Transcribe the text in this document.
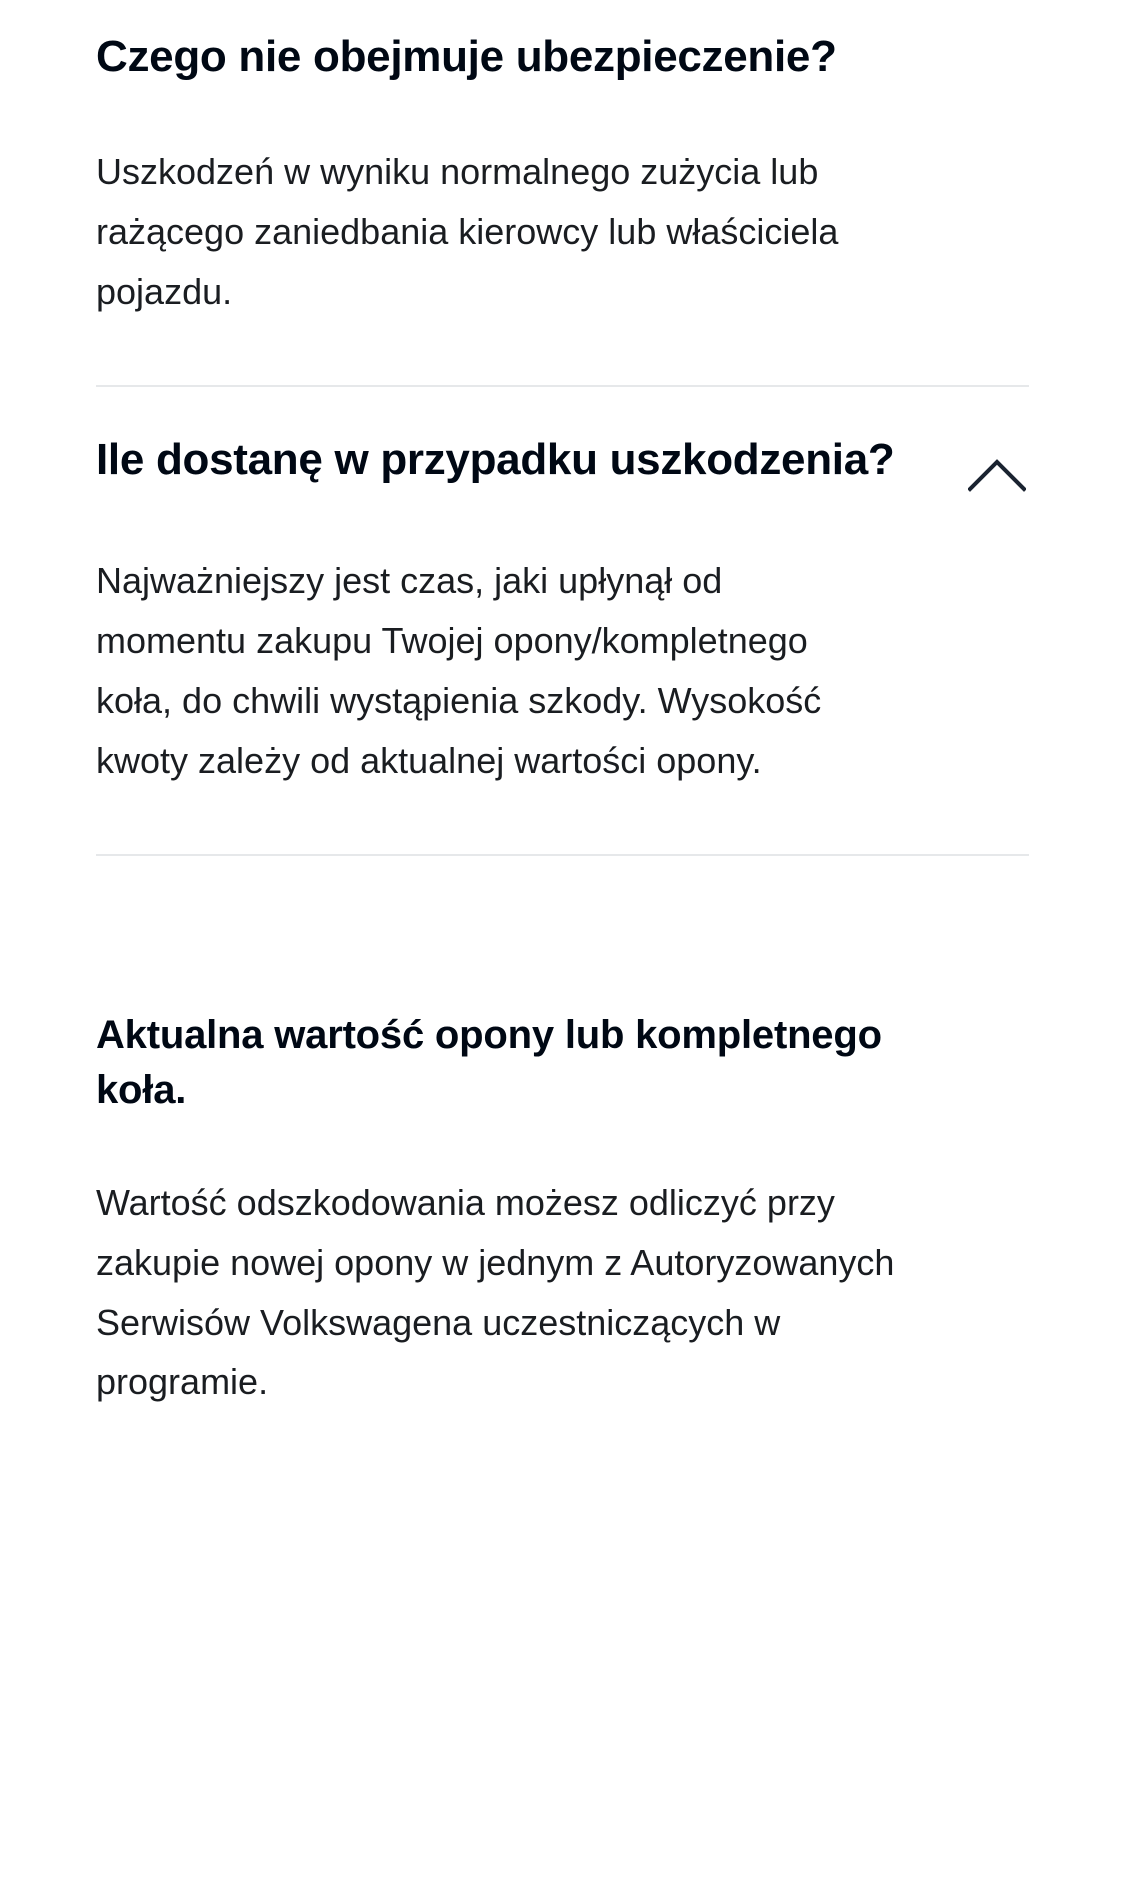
Czego nie obejmuje ubezpieczenie?
Uszkodzeń w wyniku normalnego zużycia lub rażącego zaniedbania kierowcy lub właściciela pojazdu.
Ile dostanę w przypadku uszkodzenia?
Najważniejszy jest czas, jaki upłynął od momentu zakupu Twojej opony/kompletnego koła, do chwili wystąpienia szkody. Wysokość kwoty zależy od aktualnej wartości opony.
Aktualna wartość opony lub kompletnego koła.
Wartość odszkodowania możesz odliczyć przy zakupie nowej opony w jednym z Autoryzowanych Serwisów Volkswagena uczestniczących w programie.
